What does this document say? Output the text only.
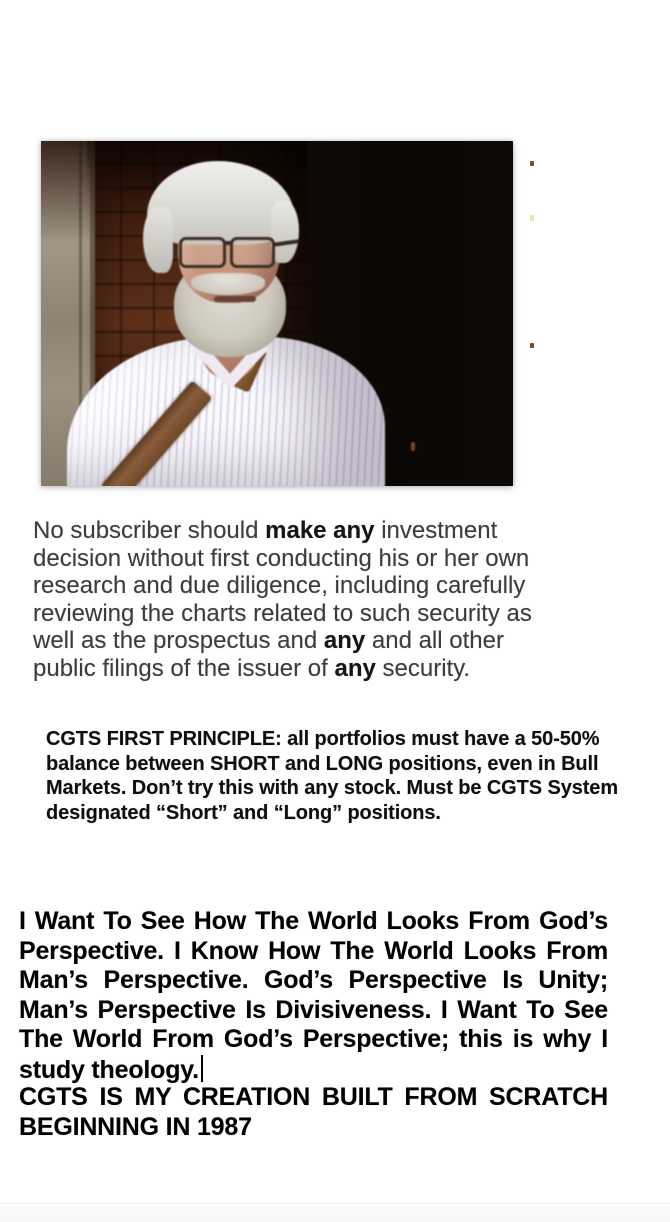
No subscriber should make any investment decision without first conducting his or her own research and due diligence, including carefully reviewing the charts related to such security as well as the prospectus and any and all other public filings of the issuer of any security.

CGTS FIRST PRINCIPLE: all portfolios must have a 50-50% balance between SHORT and LONG positions, even in Bull Markets. Don’t try this with any stock. Must be CGTS System designated “Short” and “Long” positions.

I Want To See How The World Looks From God’s Perspective. I Know How The World Looks From Man’s Perspective. God’s Perspective Is Unity; Man’s Perspective Is Divisiveness. I Want To See The World From God’s Perspective; this is why I study theology.

CGTS IS MY CREATION BUILT FROM SCRATCH BEGINNING IN 1987
